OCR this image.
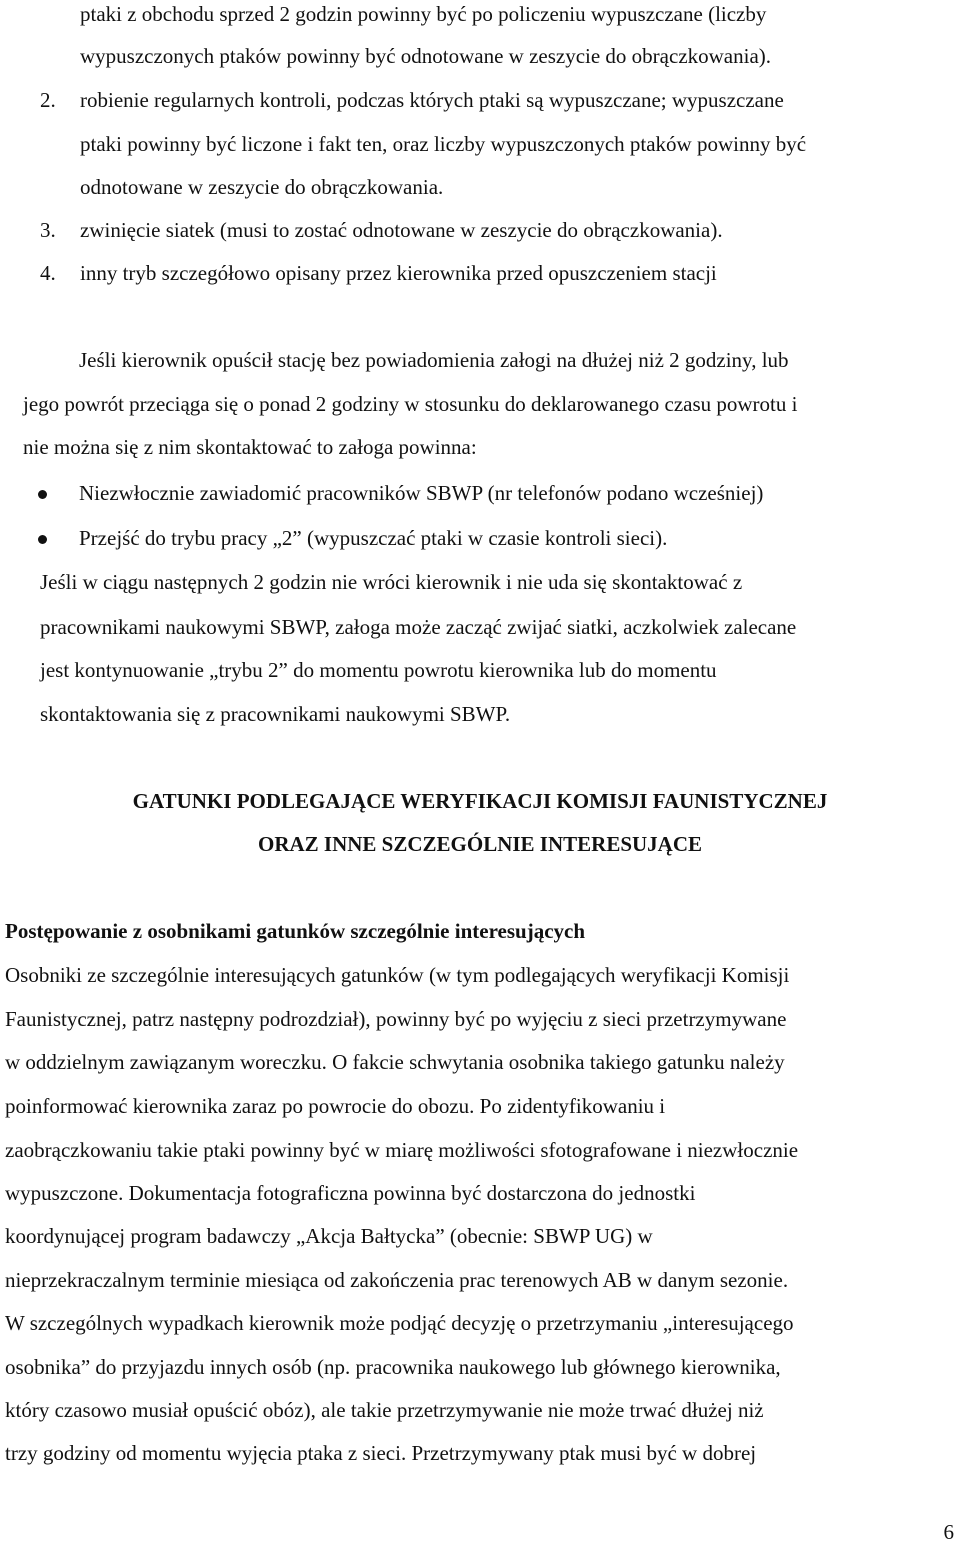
ptaki z obchodu sprzed 2 godzin powinny być po policzeniu wypuszczane (liczby
wypuszczonych ptaków powinny być odnotowane w zeszycie do obrączkowania).
2. robienie regularnych kontroli, podczas których ptaki są wypuszczane; wypuszczane
ptaki powinny być liczone i fakt ten, oraz liczby wypuszczonych ptaków powinny być
odnotowane w zeszycie do obrączkowania.
3. zwinięcie siatek (musi to zostać odnotowane w zeszycie do obrączkowania).
4. inny tryb szczegółowo opisany przez kierownika przed opuszczeniem stacji
Jeśli kierownik opuścił stację bez powiadomienia załogi na dłużej niż 2 godziny, lub
jego powrót przeciąga się o ponad 2 godziny w stosunku do deklarowanego czasu powrotu i
nie można się z nim skontaktować to załoga powinna:
Niezwłocznie zawiadomić pracowników SBWP (nr telefonów podano wcześniej)
Przejść do trybu pracy „2” (wypuszczać ptaki w czasie kontroli sieci).
Jeśli w ciągu następnych 2 godzin nie wróci kierownik i nie uda się skontaktować z
pracownikami naukowymi SBWP, załoga może zacząć zwijać siatki, aczkolwiek zalecane
jest kontynuowanie „trybu 2” do momentu powrotu kierownika lub do momentu
skontaktowania się z pracownikami naukowymi SBWP.
GATUNKI PODLEGAJĄCE WERYFIKACJI KOMISJI FAUNISTYCZNEJ
ORAZ INNE SZCZEGÓLNIE INTERESUJĄCE
Postępowanie z osobnikami gatunków szczególnie interesujących
Osobniki ze szczególnie interesujących gatunków (w tym podlegających weryfikacji Komisji
Faunistycznej, patrz następny podrozdział), powinny być po wyjęciu z sieci przetrzymywane
w oddzielnym zawiązanym woreczku. O fakcie schwytania osobnika takiego gatunku należy
poinformować kierownika zaraz po powrocie do obozu. Po zidentyfikowaniu i
zaobrączkowaniu takie ptaki powinny być w miarę możliwości sfotografowane i niezwłocznie
wypuszczone. Dokumentacja fotograficzna powinna być dostarczona do jednostki
koordynującej program badawczy „Akcja Bałtycka” (obecnie: SBWP UG) w
nieprzekraczalnym terminie miesiąca od zakończenia prac terenowych AB w danym sezonie.
W szczególnych wypadkach kierownik może podjąć decyzję o przetrzymaniu „interesującego
osobnika” do przyjazdu innych osób (np. pracownika naukowego lub głównego kierownika,
który czasowo musiał opuścić obóz), ale takie przetrzymywanie nie może trwać dłużej niż
trzy godziny od momentu wyjęcia ptaka z sieci. Przetrzymywany ptak musi być w dobrej
6
